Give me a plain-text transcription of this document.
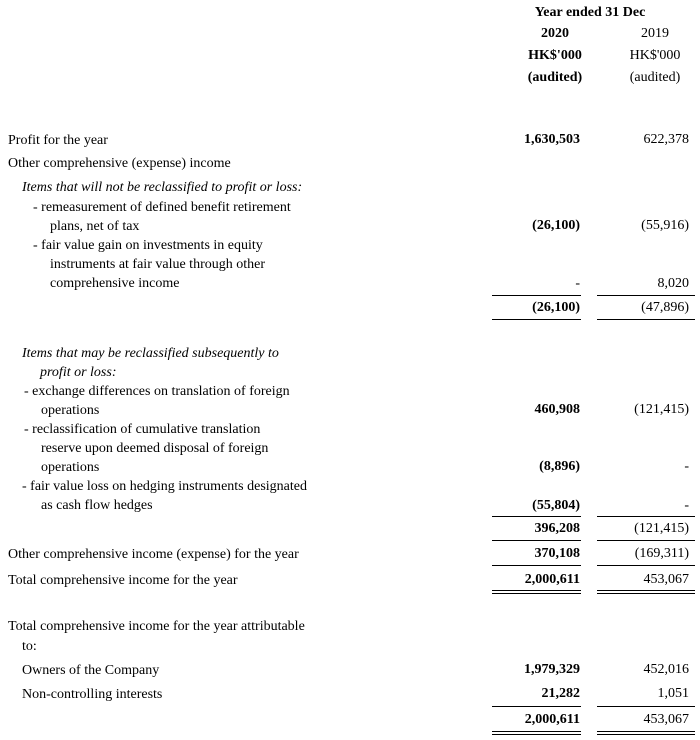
Year ended 31 Dec
2020	2019
HK$'000	HK$'000
(audited)	(audited)
Profit for the year	1,630,503	622,378
Other comprehensive (expense) income
Items that will not be reclassified to profit or loss:
- remeasurement of defined benefit retirement
plans, net of tax	(26,100)	(55,916)
- fair value gain on investments in equity
instruments at fair value through other
comprehensive income	-	8,020
(26,100)	(47,896)
Items that may be reclassified subsequently to
profit or loss:
- exchange differences on translation of foreign
operations	460,908	(121,415)
- reclassification of cumulative translation
reserve upon deemed disposal of foreign
operations	(8,896)	-
- fair value loss on hedging instruments designated
as cash flow hedges	(55,804)	-
396,208	(121,415)
Other comprehensive income (expense) for the year	370,108	(169,311)
Total comprehensive income for the year	2,000,611	453,067
Total comprehensive income for the year attributable
to:
Owners of the Company	1,979,329	452,016
Non-controlling interests	21,282	1,051
2,000,611	453,067
